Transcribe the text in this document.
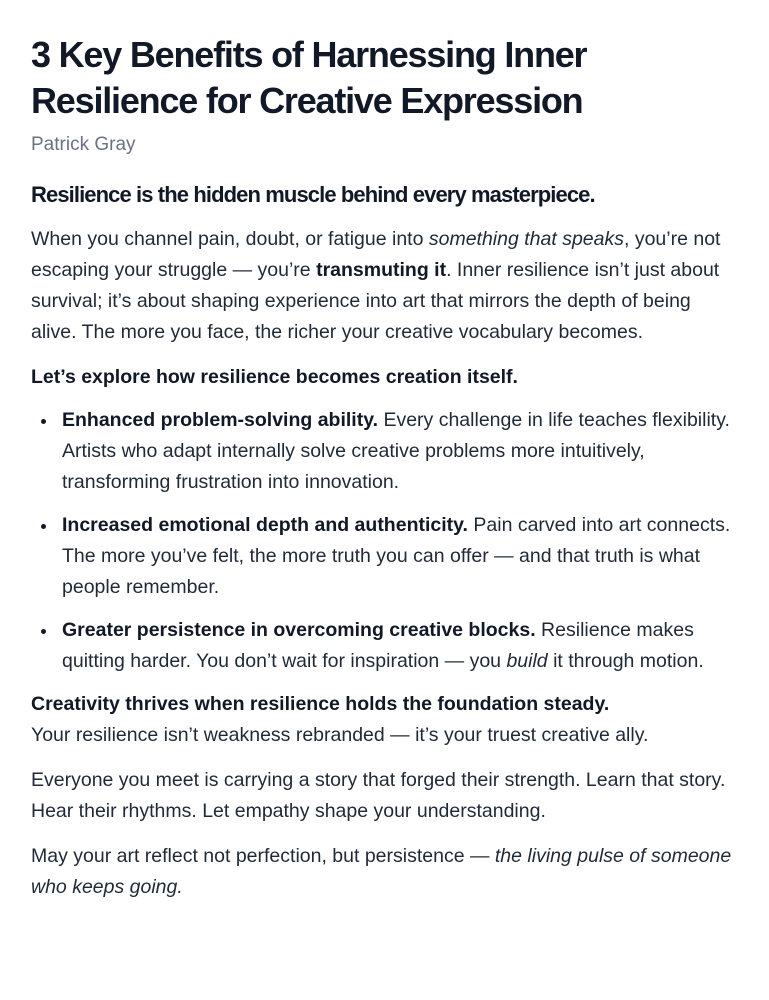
3 Key Benefits of Harnessing Inner Resilience for Creative Expression

Patrick Gray

Resilience is the hidden muscle behind every masterpiece.

When you channel pain, doubt, or fatigue into something that speaks, you’re not escaping your struggle — you’re transmuting it. Inner resilience isn’t just about survival; it’s about shaping experience into art that mirrors the depth of being alive. The more you face, the richer your creative vocabulary becomes.

Let’s explore how resilience becomes creation itself.

Enhanced problem-solving ability. Every challenge in life teaches flexibility. Artists who adapt internally solve creative problems more intuitively, transforming frustration into innovation.
Increased emotional depth and authenticity. Pain carved into art connects. The more you’ve felt, the more truth you can offer — and that truth is what people remember.
Greater persistence in overcoming creative blocks. Resilience makes quitting harder. You don’t wait for inspiration — you build it through motion.

Creativity thrives when resilience holds the foundation steady.

Your resilience isn’t weakness rebranded — it’s your truest creative ally.

Everyone you meet is carrying a story that forged their strength. Learn that story. Hear their rhythms. Let empathy shape your understanding.

May your art reflect not perfection, but persistence — the living pulse of someone who keeps going.
